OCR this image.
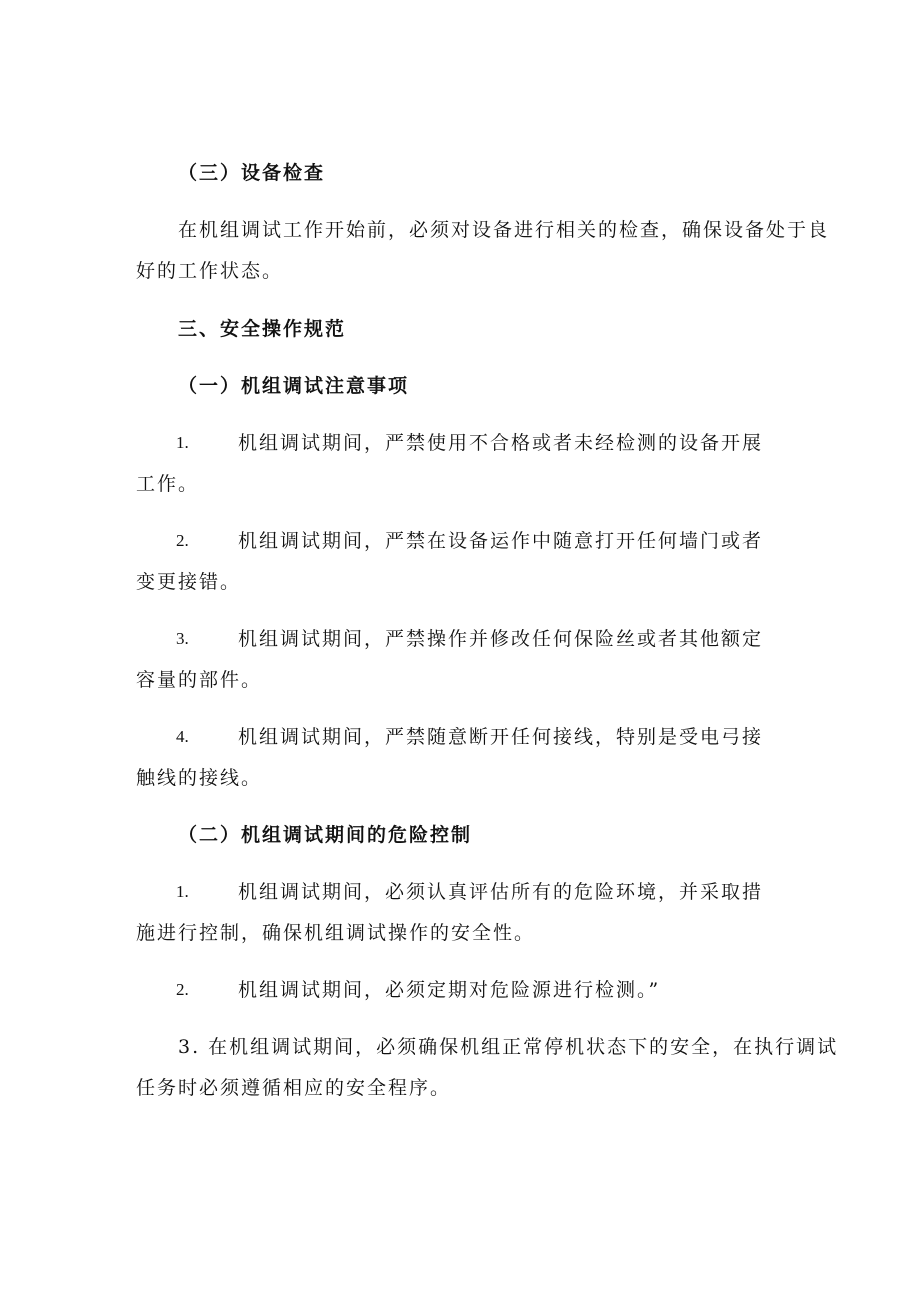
（三）设备检查
在机组调试工作开始前，必须对设备进行相关的检查，确保设备处于良
好的工作状态。
三、安全操作规范
（一）机组调试注意事项
1.	机组调试期间，严禁使用不合格或者未经检测的设备开展
工作。
2.	机组调试期间，严禁在设备运作中随意打开任何墙门或者
变更接错。
3.	机组调试期间，严禁操作并修改任何保险丝或者其他额定
容量的部件。
4.	机组调试期间，严禁随意断开任何接线，特别是受电弓接
触线的接线。
（二）机组调试期间的危险控制
1.	机组调试期间，必须认真评估所有的危险环境，并采取措
施进行控制，确保机组调试操作的安全性。
2.	机组调试期间，必须定期对危险源进行检测。”
3. 在机组调试期间，必须确保机组正常停机状态下的安全，在执行调试
任务时必须遵循相应的安全程序。
